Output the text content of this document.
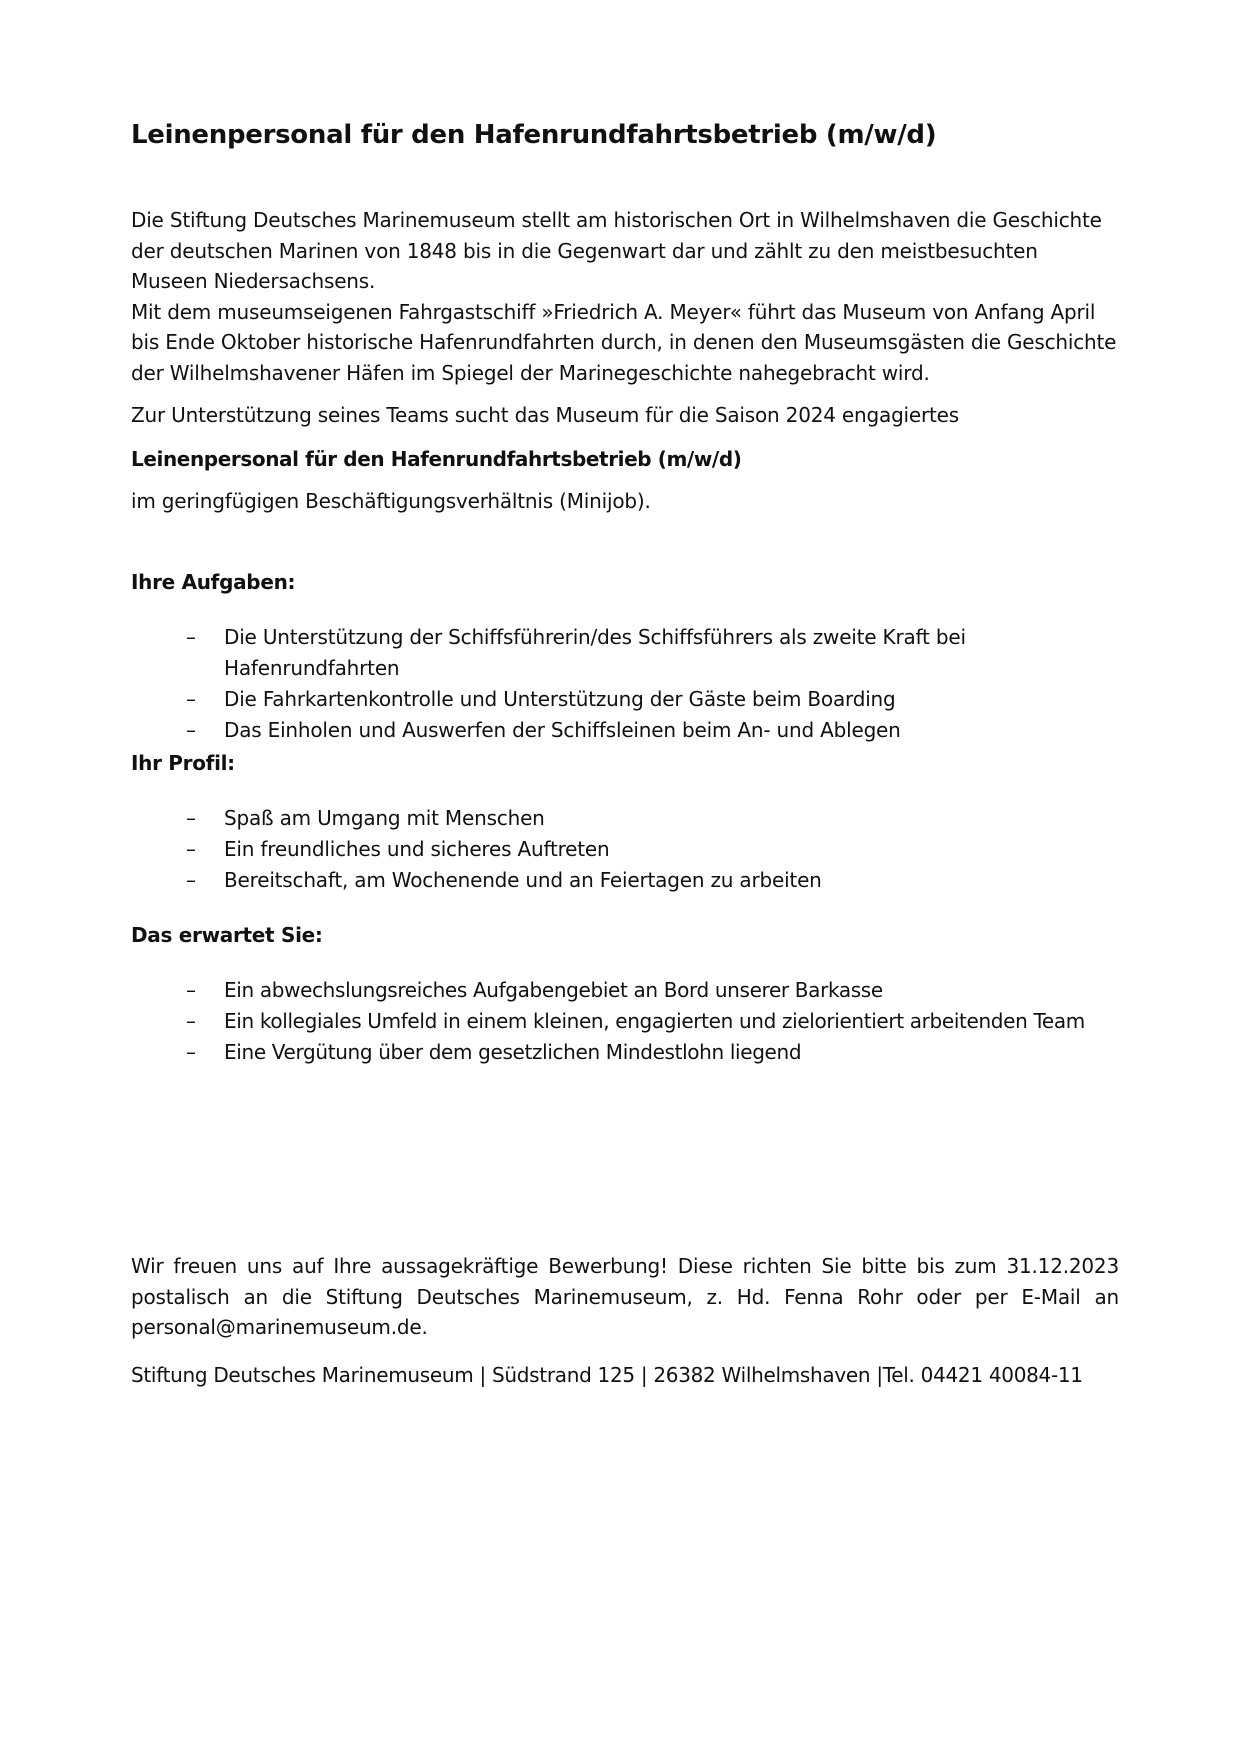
Leinenpersonal für den Hafenrundfahrtsbetrieb (m/w/d)

Die Stiftung Deutsches Marinemuseum stellt am historischen Ort in Wilhelmshaven die Geschichte der deutschen Marinen von 1848 bis in die Gegenwart dar und zählt zu den meistbesuchten Museen Niedersachsens.

Mit dem museumseigenen Fahrgastschiff »Friedrich A. Meyer« führt das Museum von Anfang April bis Ende Oktober historische Hafenrundfahrten durch, in denen den Museumsgästen die Geschichte der Wilhelmshavener Häfen im Spiegel der Marinegeschichte nahegebracht wird.

Zur Unterstützung seines Teams sucht das Museum für die Saison 2024 engagiertes

Leinenpersonal für den Hafenrundfahrtsbetrieb (m/w/d)

im geringfügigen Beschäftigungsverhältnis (Minijob).

Ihre Aufgaben:
– Die Unterstützung der Schiffsführerin/des Schiffsführers als zweite Kraft bei Hafenrundfahrten
– Die Fahrkartenkontrolle und Unterstützung der Gäste beim Boarding
– Das Einholen und Auswerfen der Schiffsleinen beim An- und Ablegen
Ihr Profil:
– Spaß am Umgang mit Menschen
– Ein freundliches und sicheres Auftreten
– Bereitschaft, am Wochenende und an Feiertagen zu arbeiten
Das erwartet Sie:
– Ein abwechslungsreiches Aufgabengebiet an Bord unserer Barkasse
– Ein kollegiales Umfeld in einem kleinen, engagierten und zielorientiert arbeitenden Team
– Eine Vergütung über dem gesetzlichen Mindestlohn liegend

Wir freuen uns auf Ihre aussagekräftige Bewerbung! Diese richten Sie bitte bis zum 31.12.2023 postalisch an die Stiftung Deutsches Marinemuseum, z. Hd. Fenna Rohr oder per E-Mail an personal@marinemuseum.de.

Stiftung Deutsches Marinemuseum | Südstrand 125 | 26382 Wilhelmshaven |Tel. 04421 40084-11
